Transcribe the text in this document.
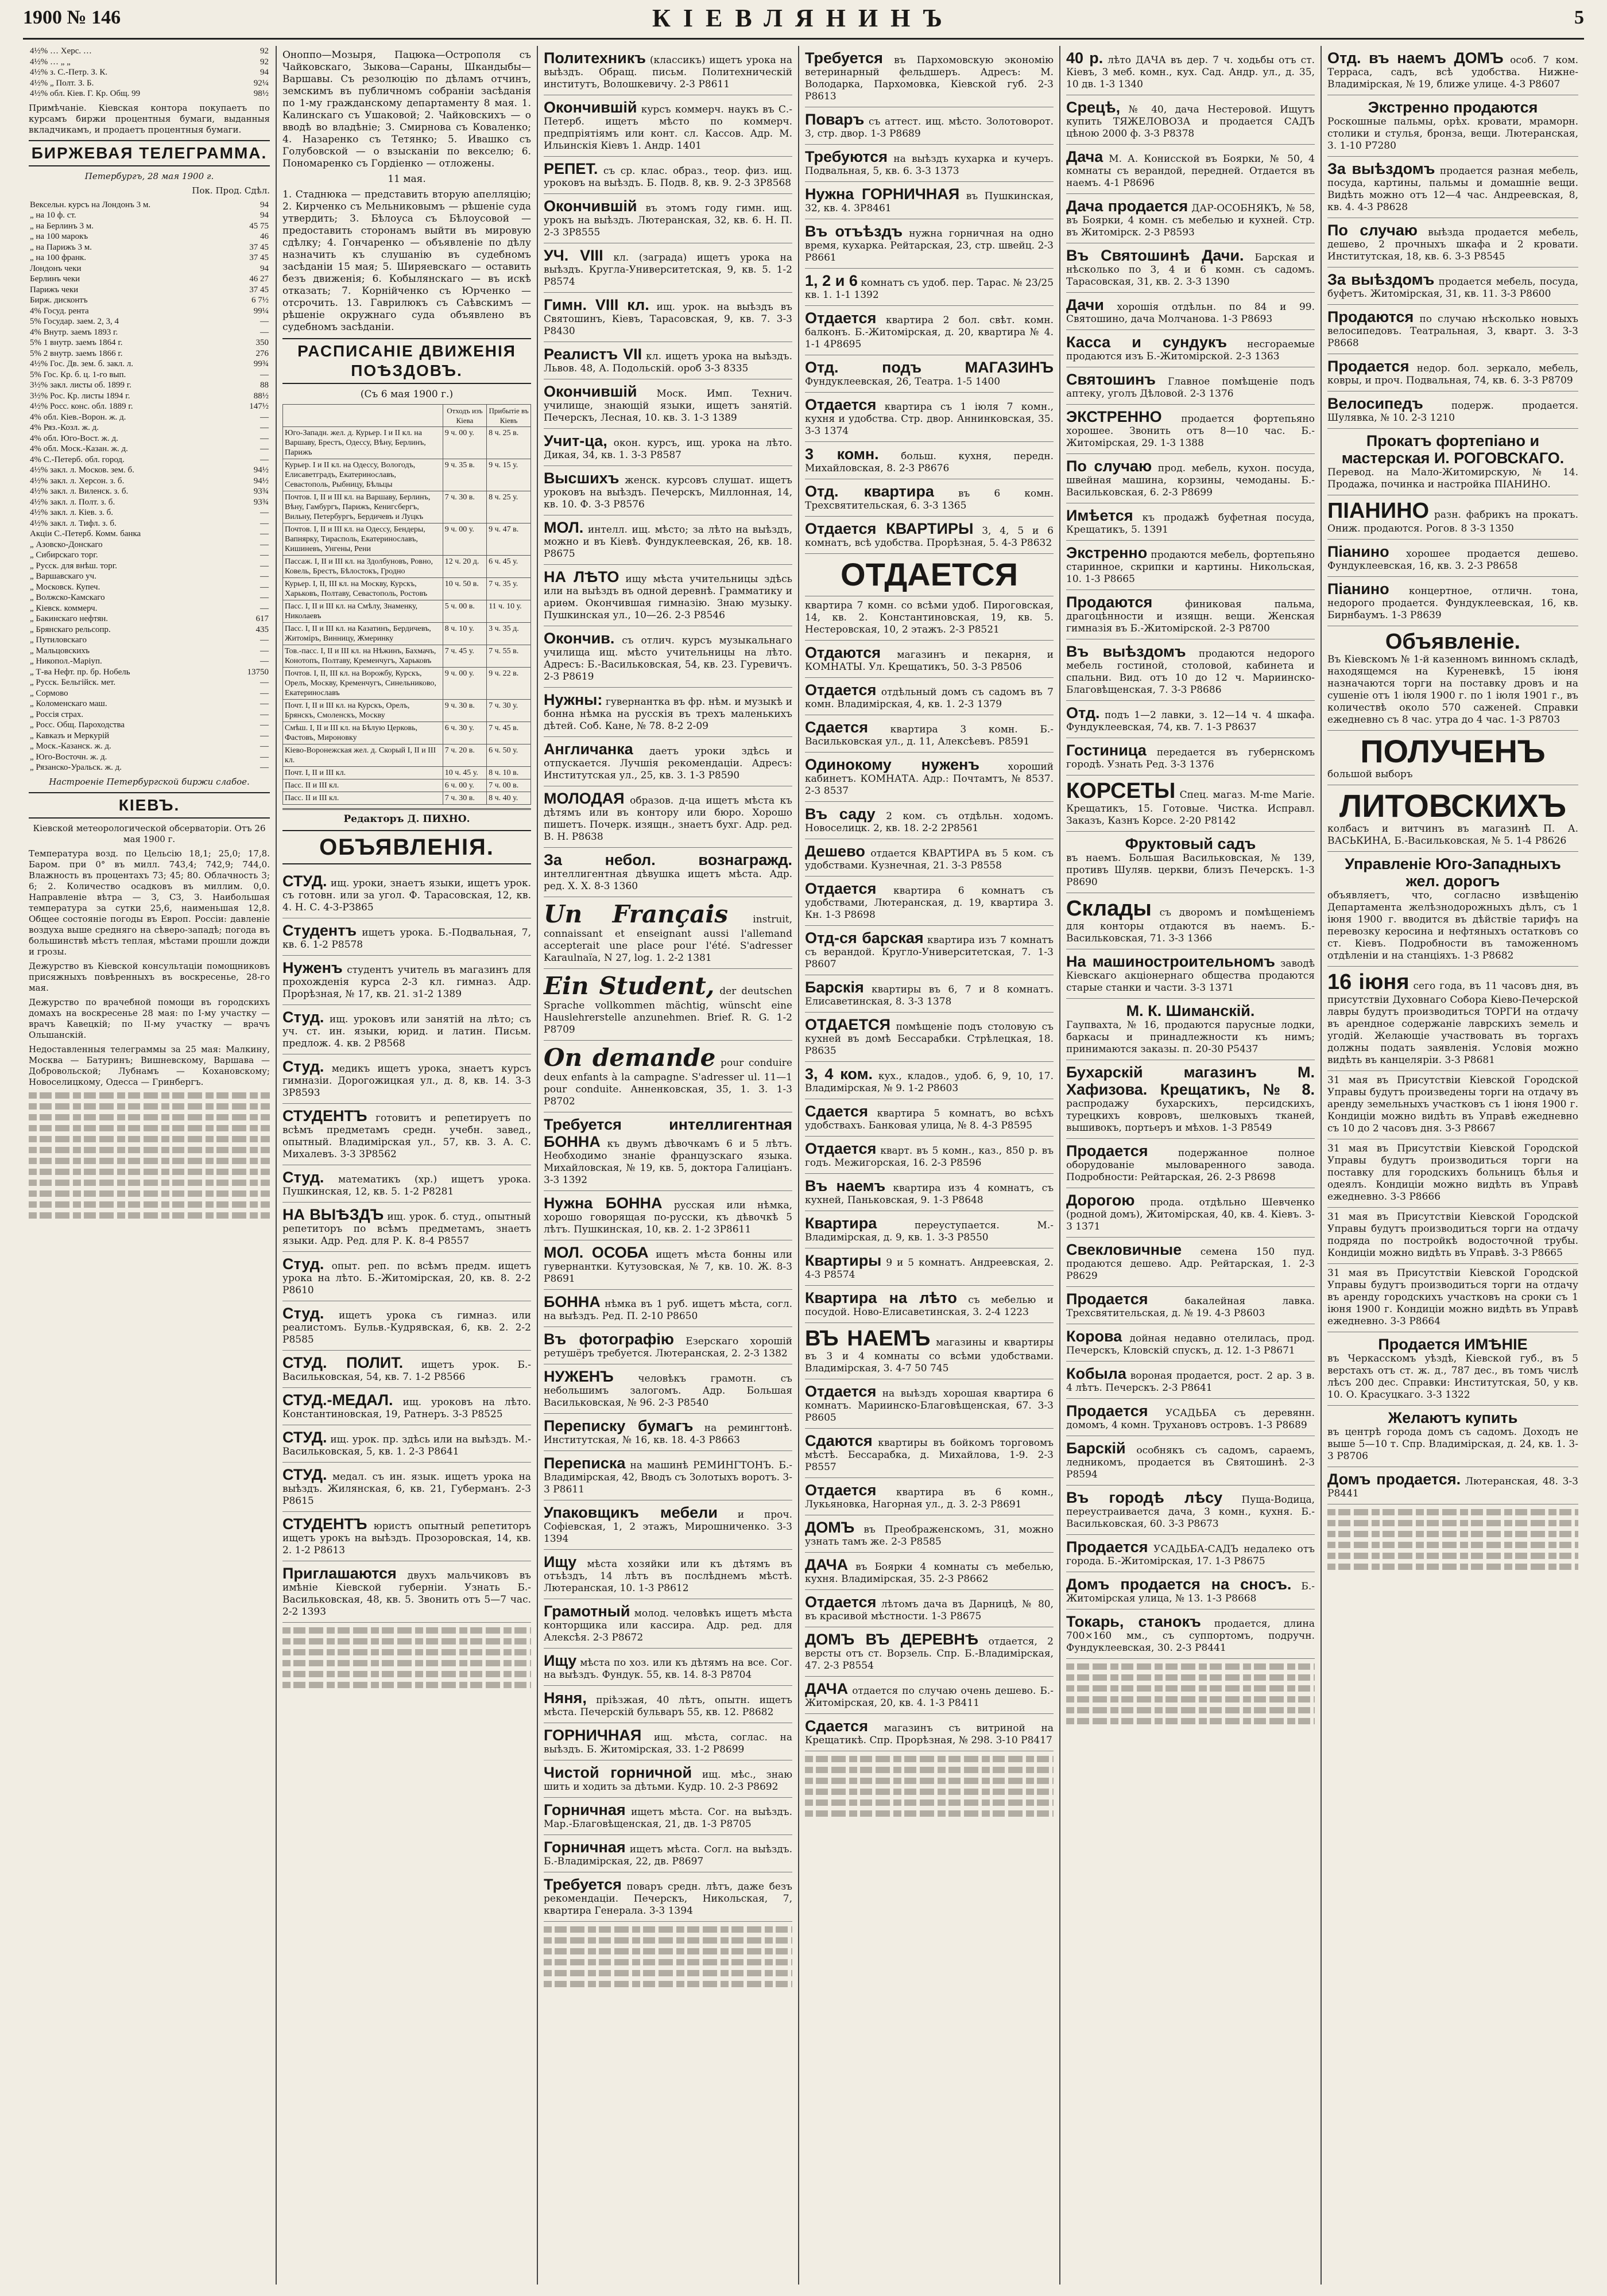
1900 № 146	КІЕВЛЯНИНЪ	5
4½% … Херс. …	92
4½% … „ „	92
4½% з. С.-Петр. З. К.	94
4½% „ Полт. З. Б.	92¼
4½% обл. Кіев. Г. Кр. Общ. 99	98½
Примѣчаніе. Кіевская контора покупаетъ по курсамъ биржи процентныя бумаги, выданныя вкладчикамъ, и продаетъ процентныя бумаги.
БИРЖЕВАЯ ТЕЛЕГРАММА.
Петербургъ, 28 мая 1900 г.
Пок. Прод. Сдѣл.
Вексельн. курсъ на Лондонъ 3 м.	94
„ на 10 ф. ст.	94
„ на Берлинъ 3 м.	45 75
„ на 100 марокъ	46
„ на Парижъ 3 м.	37 45
„ на 100 франк.	37 45
Лондонъ чеки	94
Берлинъ чеки	46 27
Парижъ чеки	37 45
Бирж. дисконтъ	6 7½
4% Госуд. рента	99¼
5% Государ. заем. 2, 3, 4	—
4% Внутр. заемъ 1893 г.	—
5% 1 внутр. заемъ 1864 г.	350
5% 2 внутр. заемъ 1866 г.	276
4½% Гос. Дв. зем. б. закл. л.	99¾
5% Гос. Кр. б. ц. 1-го вып.	—
3½% закл. листы об. 1899 г.	88
3½% Рос. Кр. листы 1894 г.	88½
4½% Росс. конс. обл. 1889 г.	147½
4% обл. Кiев.-Ворон. ж. д.	—
4% Ряз.-Козл. ж. д.	—
4% обл. Юго-Вост. ж. д.	—
4% обл. Моск.-Казан. ж. д.	—
4% С.-Петерб. обл. город.	—
4½% закл. л. Москов. зем. б.	94½
4½% закл. л. Херсон. з. б.	94½
4½% закл. л. Виленск. з. б.	93¾
4½% закл. л. Полт. з. б.	93¾
4½% закл. л. Кiев. з. б.	—
4½% закл. л. Тифл. з. б.	—
Акціи С.-Петерб. Комм. банка	—
„ Азовско-Донскаго	—
„ Сибирскаго торг.	—
„ Русск. для внѣш. торг.	—
„ Варшавскаго уч.	—
„ Московск. Купеч.	—
„ Волжско-Камскаго	—
„ Кiевск. коммерч.	—
„ Бакинскаго нефтян.	617
„ Брянскаго рельсопр.	435
„ Путиловскаго	—
„ Мальцовскихъ	—
„ Никопол.-Маріуп.	—
„ Т-ва Нефт. пр. бр. Нобель	13750
„ Русск. Бельгійск. мет.	—
„ Сормово	—
„ Коломенскаго маш.	—
„ Россія страх.	—
„ Росс. Общ. Пароходства	—
„ Кавказъ и Меркурій	—
„ Моск.-Казанск. ж. д.	—
„ Юго-Восточн. ж. д.	—
„ Рязанско-Уральск. ж. д.	—
Настроеніе Петербургской биржи слабое.
КIЕВЪ.
Кіевской метеорологической обсерваторіи. Отъ 26 мая 1900 г.
Температура возд. по Цельсію 18,1; 25,0; 17,8. Баром. при 0° въ милл. 743,4; 742,9; 744,0. Влажность въ процентахъ 73; 45; 80. Облачность 3; 6; 2. Количество осадковъ въ миллим. 0,0. Направленіе вѣтра — З, СЗ, З. Наибольшая температура за сутки 25,6, наименьшая 12,8. Общее состояніе погоды въ Европ. Россіи: давленіе воздуха выше средняго на сѣверо-западѣ; погода въ большинствѣ мѣстъ теплая, мѣстами прошли дожди и грозы.
Дежурство въ Кіевской консультаціи помощниковъ присяжныхъ повѣренныхъ въ воскресенье, 28-го мая.
Дежурство по врачебной помощи въ городскихъ домахъ на воскресенье 28 мая: по I-му участку — врачъ Кавецкій; по II-му участку — врачъ Ольшанскій.
Недоставленныя телеграммы за 25 мая: Малкину, Москва — Батуринъ; Вишневскому, Варшава — Добровольской; Лубнамъ — Кохановскому; Новоселицкому, Одесса — Гринбергъ.
Оноппо—Мозыря, Пацюка—Острополя съ Чайковскаго, Зыкова—Сараны, Шкандыбы—Варшавы. Съ резолюцію по дѣламъ отчинъ, земскимъ въ публичномъ собраніи засѣданія по 1-му гражданскому департаменту 8 мая. 1. Калинскаго съ Ушаковой; 2. Чайковскихъ — о вводѣ во владѣніе; 3. Смирнова съ Коваленко; 4. Назаренко съ Тетянко; 5. Ивашко съ Голубовской — о взысканіи по векселю; 6. Пономаренко съ Гордіенко — отложены.
11 мая.
1. Стаднюка — представить вторую апелляцію; 2. Кирченко съ Мельниковымъ — рѣшеніе суда утвердить; 3. Бѣлоуса съ Бѣлоусовой — предоставить сторонамъ выйти въ мировую сдѣлку; 4. Гончаренко — объявленіе по дѣлу назначить къ слушанію въ судебномъ засѣданіи 15 мая; 5. Ширяевскаго — оставить безъ движенія; 6. Кобылянскаго — въ искѣ отказать; 7. Корнійченко съ Юрченко — отсрочить. 13. Гаврилюкъ съ Саѣвскимъ — рѣшеніе окружнаго суда объявлено въ судебномъ засѣданіи.
РАСПИСАНІЕ ДВИЖЕНІЯ ПОѢЗДОВЪ.
(Съ 6 мая 1900 г.)
	Отходъ изъ Кіева	Прибытіе въ Кіевъ
Юго-Западн. жел. д. Курьер. I и II кл. на Варшаву, Брестъ, Одессу, Вѣну, Берлинъ, Парижъ	9 ч. 00 у.	8 ч. 25 в.
Курьер. I и II кл. на Одессу, Вологодъ, Елисаветградъ, Екатеринославъ, Севастополь, Рыбницу, Бѣльцы	9 ч. 35 в.	9 ч. 15 у.
Почтов. I, II и III кл. на Варшаву, Берлинъ, Вѣну, Гамбургъ, Парижъ, Кенигсбергъ, Вильну, Петербургъ, Бердичевъ и Луцкъ	7 ч. 30 в.	8 ч. 25 у.
Почтов. I, II и III кл. на Одессу, Бендеры, Вапнярку, Тирасполь, Екатеринославъ, Кишиневъ, Унгены, Рени	9 ч. 00 у.	9 ч. 47 в.
Пассаж. I, II и III кл. на Здолбуновъ, Ровно, Ковель, Брестъ, Бѣлостокъ, Гродно	12 ч. 20 д.	6 ч. 45 у.
Курьер. I, II, III кл. на Москву, Курскъ, Харьковъ, Полтаву, Севастополь, Ростовъ	10 ч. 50 в.	7 ч. 35 у.
Пасс. I, II и III кл. на Смѣлу, Знаменку, Николаевъ	5 ч. 00 в.	11 ч. 10 у.
Пасс. I, II и III кл. на Казатинъ, Бердичевъ, Житоміръ, Винницу, Жмеринку	8 ч. 10 у.	3 ч. 35 д.
Тов.-пасс. I, II и III кл. на Нѣжинъ, Бахмачъ, Конотопъ, Полтаву, Кременчугъ, Харьковъ	7 ч. 45 у.	7 ч. 55 в.
Почтов. I, II, III кл. на Ворожбу, Курскъ, Орелъ, Москву, Кременчугъ, Синельниково, Екатеринославъ	9 ч. 00 у.	9 ч. 22 в.
Почт. I, II и III кл. на Курскъ, Орелъ, Брянскъ, Смоленскъ, Москву	9 ч. 30 в.	7 ч. 30 у.
Смѣш. I, II и III кл. на Бѣлую Церковь, Фастовъ, Мироновку	6 ч. 30 у.	7 ч. 45 в.
Кіево-Воронежская жел. д. Скорый I, II и III кл.	7 ч. 20 в.	6 ч. 50 у.
Почт. I, II и III кл.	10 ч. 45 у.	8 ч. 10 в.
Пасс. II и III кл.	6 ч. 00 у.	7 ч. 00 в.
Пасс. II и III кл.	7 ч. 30 в.	8 ч. 40 у.
Редакторъ Д. ПИХНО.
ОБЪЯВЛЕНІЯ.
СТУД. ищ. уроки, знаетъ языки, ищетъ урок. съ готовн. или за угол. Ф. Тарасовская, 12, кв. 4. Н. С. 4-3-РЗ865
Студентъ ищетъ урока. Б.-Подвальная, 7, кв. 6. 1-2 Р8578
Нуженъ студентъ учитель въ магазинъ для прохожденія курса 2-3 кл. гимназ. Адр. Прорѣзная, № 17, кв. 21. з1-2 1389
Студ. ищ. уроковъ или занятій на лѣто; съ уч. ст. ин. языки, юрид. и латин. Письм. предлож. 4. кв. 2 Р8568
Студ. медикъ ищетъ урока, знаетъ курсъ гимназіи. Дорогожицкая ул., д. 8, кв. 14. 3-3 3Р8593
СТУДЕНТЪ готовитъ и репетируетъ по всѣмъ предметамъ средн. учебн. завед., опытный. Владимірская ул., 57, кв. 3. А. С. Михалевъ. 3-3 3Р8562
Студ. математикъ (хр.) ищетъ урока. Пушкинская, 12, кв. 5. 1-2 Р8281
НА ВЫѢЗДЪ ищ. урок. б. студ., опытный репетиторъ по всѣмъ предметамъ, знаетъ языки. Адр. Ред. для Р. К. 8-4 Р8557
Студ. опыт. реп. по всѣмъ предм. ищетъ урока на лѣто. Б.-Житомірская, 20, кв. 8. 2-2 Р8610
Студ. ищетъ урока съ гимназ. или реалистомъ. Бульв.-Кудрявская, 6, кв. 2. 2-2 Р8585
СТУД. ПОЛИТ. ищетъ урок. Б.-Васильковская, 54, кв. 7. 1-2 Р8566
СТУД.-МЕДАЛ. ищ. уроковъ на лѣто. Константиновская, 19, Ратнеръ. 3-3 Р8525
СТУД. ищ. урок. пр. здѣсь или на выѣздъ. М.-Васильковская, 5, кв. 1. 2-3 Р8641
СТУД. медал. съ ин. язык. ищетъ урока на выѣздъ. Жилянская, 6, кв. 21, Губерманъ. 2-3 Р8615
СТУДЕНТЪ юристъ опытный репетиторъ ищетъ урокъ на выѣздъ. Прозоровская, 14, кв. 2. 1-2 Р8613
Приглашаются двухъ мальчиковъ въ имѣніе Кіевской губерніи. Узнать Б.-Васильковская, 48, кв. 5. Звонить отъ 5—7 час. 2-2 1393
Политехникъ (классикъ) ищетъ урока на выѣздъ. Обращ. письм. Политехническій институтъ, Волошкевичу. 2-3 Р8611
Окончившій курсъ коммерч. наукъ въ С.-Петерб. ищетъ мѣсто по коммерч. предпріятіямъ или конт. сл. Кассов. Адр. М. Ильинскія Кіевъ 1. Андр. 1401
РЕПЕТ. съ ср. клас. образ., теор. физ. ищ. уроковъ на выѣздъ. Б. Подв. 8, кв. 9. 2-3 3Р8568
Окончившій въ этомъ году гимн. ищ. урокъ на выѣздъ. Лютеранская, 32, кв. 6. Н. П. 2-3 3Р8555
УЧ. VIII кл. (заграда) ищетъ урока на выѣздъ. Кругла-Университетская, 9, кв. 5. 1-2 Р8574
Гимн. VIII кл. ищ. урок. на выѣздъ въ Святошинъ, Кіевъ, Тарасовская, 9, кв. 7. 3-3 Р8430
Реалистъ VII кл. ищетъ урока на выѣздъ. Львов. 48, А. Подольскій. ороб 3-3 8335
Окончившій Моск. Имп. Технич. училище, знающій языки, ищетъ занятій. Печерскъ, Лесная, 10. кв. 3. 1-3 1389
Учит-ца, окон. курсъ, ищ. урока на лѣто. Дикая, 34, кв. 1. 3-3 Р8587
Высшихъ женск. курсовъ слушат. ищетъ уроковъ на выѣздъ. Печерскъ, Миллонная, 14, кв. 10. Ф. 3-3 Р8576
МОЛ. интелл. ищ. мѣсто; за лѣто на выѣздъ, можно и въ Кіевѣ. Фундуклеевская, 26, кв. 18. Р8675
НА ЛѢТО ищу мѣста учительницы здѣсь или на выѣздъ въ одной деревнѣ. Грамматику и ариѳм. Окончившая гимназію. Знаю музыку. Пушкинская ул., 10—26. 2-3 Р8546
Окончив. съ отлич. курсъ музыкальнаго училища ищ. мѣсто учительницы на лѣто. Адресъ: Б.-Васильковская, 54, кв. 23. Гуревичъ. 2-3 Р8619
Нужны: гувернантка въ фр. нѣм. и музыкѣ и бонна нѣмка на русскія въ трехъ маленькихъ дѣтей. Соб. Кане, № 78. 8-2 2-09
Англичанка даетъ уроки здѣсь и отпускается. Лучшія рекомендаціи. Адресъ: Институтская ул., 25, кв. 3. 1-3 Р8590
МОЛОДАЯ образов. д-ца ищетъ мѣста къ дѣтямъ или въ контору или бюро. Хорошо пишетъ. Почерк. изящн., знаетъ бухг. Адр. ред. В. Н. Р8638
За небол. вознагражд. интеллигентная дѣвушка ищетъ мѣста. Адр. ред. Х. Х. 8-3 1360
Un Français	instruit, connaissant et enseignant aussi l'allemand accepterait une place pour l'été. S'adresser Karaulnaïa, N 27, log. 1. 2-2 1381
Ein Student, der deutschen Sprache vollkommen mächtig, wünscht eine Hauslehrerstelle anzunehmen. Brief. R. G. 1-2 Р8709
On demande pour conduire deux enfants à la campagne. S'adresser ul. 11—1 pour conduite. Анненковская, 35, 1. 3. 1-3 Р8702
Требуется интеллигентная БОННА къ двумъ дѣвочкамъ 6 и 5 лѣтъ. Необходимо знаніе французскаго языка. Михайловская, № 19, кв. 5, доктора Галиціанъ. 3-3 1392
Нужна БОННА русская или нѣмка, хорошо говорящая по-русски, къ дѣвочкѣ 5 лѣтъ. Пушкинская, 10, кв. 2. 1-2 3Р8611
МОЛ. ОСОБА ищетъ мѣста бонны или гувернантки. Кутузовская, № 7, кв. 10. Ж. 8-3 Р8691
БОННА нѣмка въ 1 руб. ищетъ мѣста, согл. на выѣздъ. Ред. П. 2-10 Р8650
Въ фотографію Езерскаго хорошій ретушёръ требуется. Лютеранская, 2. 2-3 1382
НУЖЕНЪ	человѣкъ грамотн. съ небольшимъ залогомъ. Адр. Большая Васильковская, № 96. 2-3 Р8540
Переписку бумагъ на ремингтонѣ. Институтская, № 16, кв. 18. 4-3 Р8663
Переписка на машинѣ РЕМИНГТОНЪ. Б.-Владимірская, 42, Вводъ съ Золотыхъ воротъ. 3-3 Р8611
Упаковщикъ мебели и проч. Софіевская, 1, 2 этажъ, Мирошниченко. 3-3 1394
Ищу мѣста хозяйки или къ дѣтямъ въ отъѣздъ, 14 лѣтъ въ послѣднемъ мѣстѣ. Лютеранская, 10. 1-3 Р8612
Грамотный молод. человѣкъ ищетъ мѣста конторщика или кассира. Адр. ред. для Алексѣя. 2-3 Р8672
Ищу мѣста по хоз. или къ дѣтямъ на все. Сог. на выѣздъ. Фундук. 55, кв. 14. 8-3 Р8704
Няня, пріѣзжая, 40 лѣтъ, опытн. ищетъ мѣста. Печерскій бульваръ 55, кв. 12. Р8682
ГОРНИЧНАЯ ищ. мѣста, соглас. на выѣздъ. Б. Житомірская, 33. 1-2 Р8699
Чистой горничной ищ. мѣс., знаю шить и ходить за дѣтьми. Кудр. 10. 2-3 Р8692
Горничная ищетъ мѣста. Сог. на выѣздъ. Мар.-Благовѣщенская, 21, дв. 1-3 Р8705
Горничная ищетъ мѣста. Согл. на выѣздъ. Б.-Владимірская, 22, дв. Р8697
Требуется поваръ средн. лѣтъ, даже безъ рекомендаціи. Печерскъ, Никольская, 7, квартира Генерала. 3-3 1394
Требуется въ Пархомовскую экономію ветеринарный фельдшеръ. Адресъ: М. Володарка, Пархомовка, Кіевской губ. 2-3 Р8613
Поваръ съ аттест. ищ. мѣсто. Золотоворот. 3, стр. двор. 1-3 Р8689
Требуются на выѣздъ кухарка и кучеръ. Подвальная, 5, кв. 6. 3-3 1373
Нужна ГОРНИЧНАЯ въ Пушкинская, 32, кв. 4. 3Р8461
Въ отъѣздъ нужна горничная на одно время, кухарка. Рейтарская, 23, стр. швейц. 2-3 Р8661
1, 2 и 6 комнатъ съ удоб. пер. Тарас. № 23/25 кв. 1. 1-1 1392
Отдается квартира 2 бол. свѣт. комн. балконъ. Б.-Житомірская, д. 20, квартира № 4. 1-1 4Р8695
Отд. подъ МАГАЗИНЪ Фундуклеевская, 26, Театра. 1-5 1400
Отдается квартира съ 1 іюля 7 комн., кухня и удобства. Стр. двор. Аннинковская, 35. 3-3 1374
3 комн. больш. кухня, передн. Михайловская, 8. 2-3 Р8676
Отд. квартира въ 6 комн. Трехсвятительская, 6. 3-3 1365
Отдается КВАРТИРЫ 3, 4, 5 и 6 комнатъ, всѣ удобства. Прорѣзная, 5. 4-3 Р8632
ОТДАЕТСЯ
квартира 7 комн. со всѣми удоб. Пироговская, 14, кв. 2. Константиновская, 19, кв. 5. Нестеровская, 10, 2 этажъ. 2-3 Р8521
Отдаются магазинъ и пекарня, и КОМНАТЫ. Ул. Крещатикъ, 50. 3-3 Р8506
Отдается отдѣльный домъ съ садомъ въ 7 комн. Владимірская, 4, кв. 1. 2-3 1379
Сдается квартира 3 комн. Б.-Васильковская ул., д. 11, Алексѣевъ. Р8591
Одинокому нуженъ	хороший кабинетъ. КОМНАТА. Адр.: Почтамтъ, № 8537. 2-3 8537
Въ саду 2 ком. съ отдѣльн. ходомъ. Новоселицк. 2, кв. 18. 2-2 2Р8561
Дешево отдается КВАРТИРА въ 5 ком. съ удобствами. Кузнечная, 21. 3-3 Р8558
Отдается квартира 6 комнатъ съ удобствами, Лютеранская, д. 19, квартира 3. Кн. 1-3 Р8698
Отд-ся барская квартира изъ 7 комнатъ съ верандой. Кругло-Университетская, 7. 1-3 Р8607
Барскія квартиры въ 6, 7 и 8 комнатъ. Елисаветинская, 8. 3-3 1378
ОТДАЕТСЯ помѣщеніе подъ столовую съ кухней въ домѣ Бессарабки. Стрѣлецкая, 18. Р8635
3, 4 ком. кух., кладов., удоб. 6, 9, 10, 17. Владимірская, № 9. 1-2 Р8603
Сдается квартира 5 комнатъ, во всѣхъ удобствахъ. Банковая улица, № 8. 4-3 Р8595
Отдается кварт. въ 5 комн., каз., 850 р. въ годъ. Межигорская, 16. 2-3 Р8596
Въ наемъ квартира изъ 4 комнатъ, съ кухней, Паньковская, 9. 1-3 Р8648
Квартира	переуступается. М.-Владимірская, д. 9, кв. 1. 3-3 Р8550
Квартиры 9 и 5 комнатъ. Андреевская, 2. 4-3 Р8574
Квартира на лѣто съ мебелью и посудой. Ново-Елисаветинская, 3. 2-4 1223
ВЪ НАЕМЪ магазины и квартиры въ 3 и 4 комнаты со всѣми удобствами. Владимірская, 3. 4-7 50 745
Отдается на выѣздъ хорошая квартира 6 комнатъ. Мариинско-Благовѣщенская, 67. 3-3 Р8605
Сдаются квартиры въ бойкомъ торговомъ мѣстѣ. Бессарабка, д. Михайлова, 1-9. 2-3 Р8557
Отдается квартира въ 6 комн., Лукьяновка, Нагорная ул., д. 3. 2-3 Р8691
ДОМЪ въ Преображенскомъ, 31, можно узнать тамъ же. 2-3 Р8585
ДАЧА въ Боярки 4 комнаты съ мебелью, кухня. Владимірская, 35. 2-3 Р8662
Отдается лѣтомъ дача въ Дарницѣ, № 80, въ красивой мѣстности. 1-3 Р8675
ДОМЪ ВЪ ДЕРЕВНѢ отдается, 2 версты отъ ст. Ворзель. Спр. Б.-Владимірская, 47. 2-3 Р8554
ДАЧА отдается по случаю очень дешево. Б.-Житомірская, 20, кв. 4. 1-3 Р8411
Сдается магазинъ съ витриной на Крещатикѣ. Спр. Прорѣзная, № 298. 3-10 Р8417
40 р. лѣто ДАЧА въ дер. 7 ч. ходьбы отъ ст. Кіевъ, 3 меб. комн., кух. Сад. Андр. ул., д. 35, 10 дв. 1-3 1340
Срецѣ, № 40, дача Нестеровой. Ищутъ купить ТЯЖЕЛОВОЗА и продается САДЪ цѣною 2000 ф. 3-3 Р8378
Дача М. А. Конисской въ Боярки, № 50, 4 комнаты съ верандой, передней. Отдается въ наемъ. 4-1 Р8696
Дача продается ДАР-ОСОБНЯКЪ, № 58, въ Боярки, 4 комн. съ мебелью и кухней. Стр. въ Житомірск. 2-3 Р8593
Въ Святошинѣ Дачи. Барская и нѣсколько по 3, 4 и 6 комн. съ садомъ. Тарасовская, 31, кв. 2. 3-3 1390
Дачи хорошія отдѣльн. по 84 и 99. Святошино, дача Молчанова. 1-3 Р8693
Касса и сундукъ несгораемые продаются изъ Б.-Житомірской. 2-3 1363
Святошинъ Главное помѣщеніе подъ аптеку, уголъ Дѣловой. 2-3 1376
ЭКСТРЕННО продается фортепьяно хорошее. Звонить отъ 8—10 час. Б.-Житомірская, 29. 1-3 1388
По случаю прод. мебель, кухон. посуда, швейная машина, корзины, чемоданы. Б.-Васильковская, 6. 2-3 Р8699
Имѣется къ продажѣ буфетная посуда, Крещатикъ, 5. 1391
Экстренно продаются мебель, фортепьяно старинное, скрипки и картины. Никольская, 10. 1-3 Р8665
Продаются	финиковая пальма, драгоцѣнности и изящн. вещи. Женская гимназія въ Б.-Житомірской. 2-3 Р8700
Въ выѣздомъ продаются недорого мебель гостиной, столовой, кабинета и спальни. Вид. отъ 10 до 12 ч. Мариинско-Благовѣщенская, 7. 3-3 Р8686
Отд. подъ 1—2 лавки, з. 12—14 ч. 4 шкафа. Фундуклеевская, 74, кв. 7. 1-3 Р8637
Гостиница передается въ губернскомъ городѣ. Узнать Ред. 3-3 1376
КОРСЕТЫ Спец. магаз. M-me Marie. Крещатикъ, 15. Готовые. Чистка. Исправл. Заказъ, Казнъ Корсе. 2-20 Р8142
Фруктовый садъ
въ наемъ. Большая Васильковская, № 139, противъ Шуляв. церкви, близъ Печерскъ. 1-3 Р8690
Склады съ дворомъ и помѣщеніемъ для конторы отдаются въ наемъ. Б.-Васильковская, 71. 3-3 1366
На машиностроительномъ заводѣ Кіевскаго акціонернаго общества продаются старые станки и части. 3-3 1371
М. К. Шиманскій.
Гаупвахта, № 16, продаются парусные лодки, баркасы и принадлежности къ нимъ; принимаются заказы. п. 20-30 Р5437
Бухарскій магазинъ М. Хафизова. Крещатикъ, № 8. распродажу бухарскихъ, персидскихъ, турецкихъ ковровъ, шелковыхъ тканей, вышивокъ, портьеръ и мѣхов. 1-3 Р8549
Продается	подержанное полное оборудованіе мыловаренного завода. Подробности: Рейтарская, 26. 2-3 Р8698
Дорогою прода. отдѣльно Шевченко (родной домъ), Житомірская, 40, кв. 4. Кіевъ. 3-3 1371
Свекловичные семена 150 пуд. продаются дешево. Адр. Рейтарская, 1. 2-3 Р8629
Продается	бакалейная лавка. Трехсвятительская, д. № 19. 4-3 Р8603
Корова дойная недавно отелилась, прод. Печерскъ, Кловскій спускъ, д. 12. 1-3 Р8671
Кобыла вороная продается, рост. 2 ар. 3 в. 4 лѣтъ. Печерскъ. 2-3 Р8641
Продается УСАДЬБА съ деревянн. домомъ, 4 комн. Трухановъ островъ. 1-3 Р8689
Барскій особнякъ съ садомъ, сараемъ, ледникомъ, продается въ Святошинѣ. 2-3 Р8594
Въ городѣ лѣсу Пуща-Водица, переустраивается дача, 3 комн., кухня. Б.-Васильковская, 60. 3-3 Р8673
Продается УСАДЬБА-САДЪ недалеко отъ города. Б.-Житомірская, 17. 1-3 Р8675
Домъ продается на сносъ. Б.-Житомірская улица, № 13. 1-3 Р8668
Токарь, станокъ продается, длина 700×160 мм., съ суппортомъ, подручн. Фундуклеевская, 30. 2-3 Р8441
Отд. въ наемъ ДОМЪ особ. 7 ком. Терраса, садъ, всѣ удобства. Нижне-Владимірская, № 19, ближе улице. 4-3 Р8607
Экстренно продаются
Роскошные пальмы, орѣх. кровати, мраморн. столики и стулья, бронза, вещи. Лютеранская, 3. 1-10 Р7280
За выѣздомъ продается разная мебель, посуда, картины, пальмы и домашніе вещи. Видѣть можно отъ 12—4 час. Андреевская, 8, кв. 4. 4-3 Р8628
По случаю выѣзда продается мебель, дешево, 2 прочныхъ шкафа и 2 кровати. Институтская, 18, кв. 6. 3-3 Р8545
За выѣздомъ продается мебель, посуда, буфетъ. Житомірская, 31, кв. 11. 3-3 Р8600
Продаются по случаю нѣсколько новыхъ велосипедовъ. Театральная, 3, кварт. 3. 3-3 Р8668
Продается недор. бол. зеркало, мебель, ковры, и проч. Подвальная, 74, кв. 6. 3-3 Р8709
Велосипедъ	подерж. продается. Шулявка, № 10. 2-3 1210
Прокатъ фортепіано и мастерская И. РОГОВСКАГО.
Перевод. на Мало-Житомирскую, № 14. Продажа, починка и настройка ПІАНИНО.
ПІАНИНО разн. фабрикъ на прокатъ. Ониж. продаются. Рогов. 8 3-3 1350
Піанино хорошее продается дешево. Фундуклеевская, 16, кв. 3. 2-3 Р8658
Піанино концертное, отличн. тона, недорого продается. Фундуклеевская, 16, кв. Бирнбаумъ. 1-3 Р8639
Объявленіе.
Въ Кіевскомъ № 1-й казенномъ винномъ складѣ, находящемся на Куреневкѣ, 15 іюня назначаются торги на поставку дровъ и на сушеніе отъ 1 іюля 1900 г. по 1 іюля 1901 г., въ количествѣ около 570 саженей. Справки ежедневно съ 8 час. утра до 4 час. 1-3 Р8703
ПОЛУЧЕНЪ
большой выборъ
ЛИТОВСКИХЪ
колбасъ и витчинъ въ магазинѣ П. А. ВАСЬКИНА, Б.-Васильковская, № 5. 1-4 Р8626
Управленіе Юго-Западныхъ жел. дорогъ
объявляетъ, что, согласно извѣщенію Департамента желѣзнодорожныхъ дѣлъ, съ 1 іюня 1900 г. вводится въ дѣйствіе тарифъ на перевозку керосина и нефтяныхъ остатковъ со ст. Кіевъ. Подробности въ таможенномъ отдѣленіи и на станціяхъ. 1-3 Р8682
16 іюня сего года, въ 11 часовъ дня, въ присутствіи Духовнаго Собора Кіево-Печерской лавры будутъ производиться ТОРГИ на отдачу въ арендное содержаніе лаврскихъ земель и угодій. Желающіе участвовать въ торгахъ должны подать заявленія. Условія можно видѣть въ канцеляріи. 3-3 Р8681
31 мая въ Присутствіи Кіевской Городской Управы будутъ произведены торги на отдачу въ аренду земельныхъ участковъ съ 1 іюня 1900 г. Кондиціи можно видѣть въ Управѣ ежедневно съ 10 до 2 часовъ дня. 3-3 Р8667
31 мая въ Присутствіи Кіевской Городской Управы будутъ производиться торги на поставку для городскихъ больницъ бѣлья и одеялъ. Кондиціи можно видѣть въ Управѣ ежедневно. 3-3 Р8666
31 мая въ Присутствіи Кіевской Городской Управы будутъ производиться торги на отдачу подряда по постройкѣ водосточной трубы. Кондиціи можно видѣть въ Управѣ. 3-3 Р8665
31 мая въ Присутствіи Кіевской Городской Управы будутъ производиться торги на отдачу въ аренду городскихъ участковъ на сроки съ 1 іюня 1900 г. Кондиціи можно видѣть въ Управѣ ежедневно. 3-3 Р8664
Продается ИМѢНІЕ
въ Черкасскомъ уѣздѣ, Кіевской губ., въ 5 верстахъ отъ ст. ж. д., 787 дес., въ томъ числѣ лѣсъ 200 дес. Справки: Институтская, 50, у кв. 10. О. Красуцкаго. 3-3 1322
Желаютъ купить
въ центрѣ города домъ съ садомъ. Доходъ не выше 5—10 т. Спр. Владимірская, д. 24, кв. 1. 3-3 Р8706
Домъ продается. Лютеранская, 48. 3-3 Р8441
